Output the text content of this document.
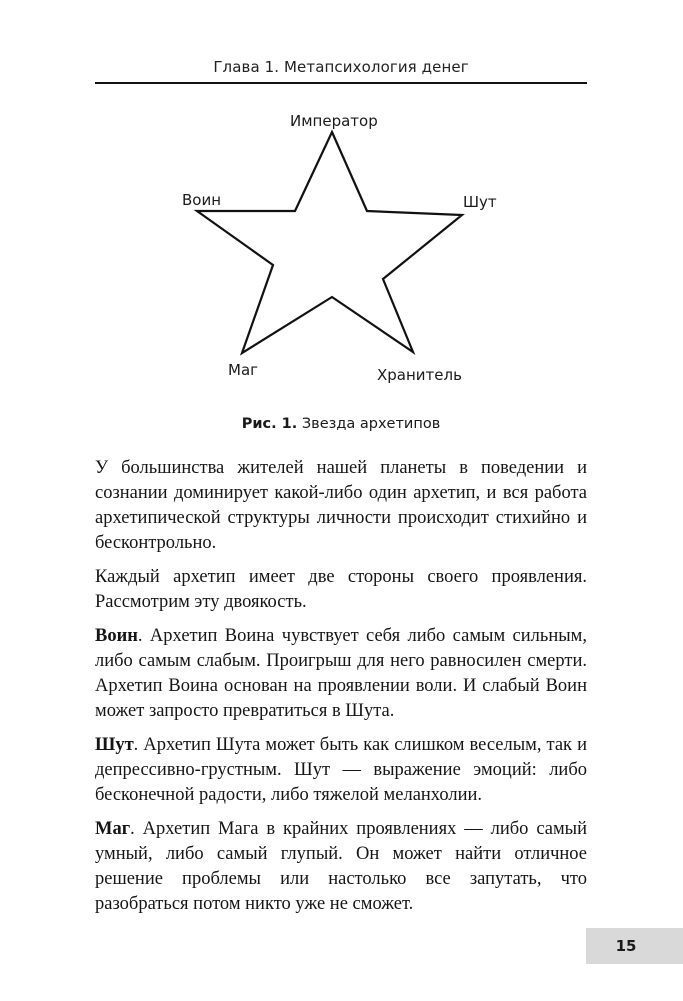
Глава 1. Метапсихология денег
Император
Воин	Шут
Маг	Хранитель
Рис. 1. Звезда архетипов

У большинства жителей нашей планеты в поведении и сознании доминирует какой-либо один архетип, и вся работа архетипической структуры личности происходит стихийно и бесконтрольно.

Каждый архетип имеет две стороны своего проявления. Рассмотрим эту двоякость.

Воин. Архетип Воина чувствует себя либо самым сильным, либо самым слабым. Проигрыш для него равносилен смерти. Архетип Воина основан на проявлении воли. И слабый Воин может запросто превратиться в Шута.

Шут. Архетип Шута может быть как слишком веселым, так и депрессивно-грустным. Шут — выражение эмоций: либо бесконечной радости, либо тяжелой меланхолии.

Маг. Архетип Мага в крайних проявлениях — либо самый умный, либо самый глупый. Он может найти отличное решение проблемы или настолько все запутать, что разобраться потом никто уже не сможет.

15
